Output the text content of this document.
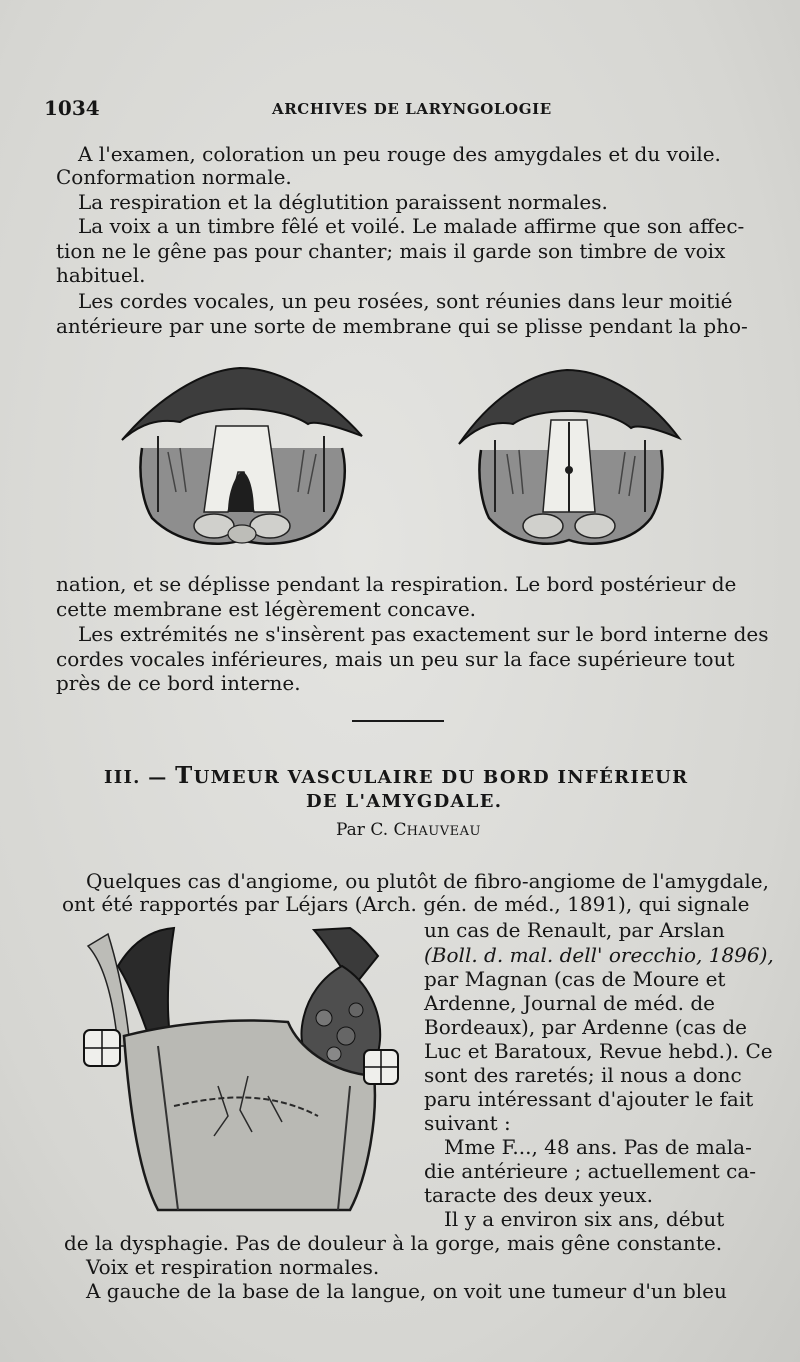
1034	ARCHIVES DE LARYNGOLOGIE

A l'examen, coloration un peu rouge des amygdales et du voile.

Conformation normale.

La respiration et la déglutition paraissent normales.

La voix a un timbre fêlé et voilé. Le malade affirme que son affec-

tion ne le gêne pas pour chanter; mais il garde son timbre de voix

habituel.

Les cordes vocales, un peu rosées, sont réunies dans leur moitié

antérieure par une sorte de membrane qui se plisse pendant la pho-

nation, et se déplisse pendant la respiration. Le bord postérieur de

cette membrane est légèrement concave.

Les extrémités ne s'insèrent pas exactement sur le bord interne des

cordes vocales inférieures, mais un peu sur la face supérieure tout

près de ce bord interne.

III. — TUMEUR VASCULAIRE DU BORD INFÉRIEUR
DE L'AMYGDALE.
Par C. CHAUVEAU

Quelques cas d'angiome, ou plutôt de fibro-angiome de l'amygdale,

ont été rapportés par Léjars (Arch. gén. de méd., 1891), qui signale

un cas de Renault, par Arslan

(Boll. d. mal. dell' orecchio, 1896),

par Magnan (cas de Moure et

Ardenne, Journal de méd. de

Bordeaux), par Ardenne (cas de

Luc et Baratoux, Revue hebd.). Ce

sont des raretés; il nous a donc

paru intéressant d'ajouter le fait

suivant :

Mme F..., 48 ans. Pas de mala-

die antérieure ; actuellement ca-

taracte des deux yeux.

Il y a environ six ans, début

de la dysphagie. Pas de douleur à la gorge, mais gêne constante.

Voix et respiration normales.

A gauche de la base de la langue, on voit une tumeur d'un bleu
